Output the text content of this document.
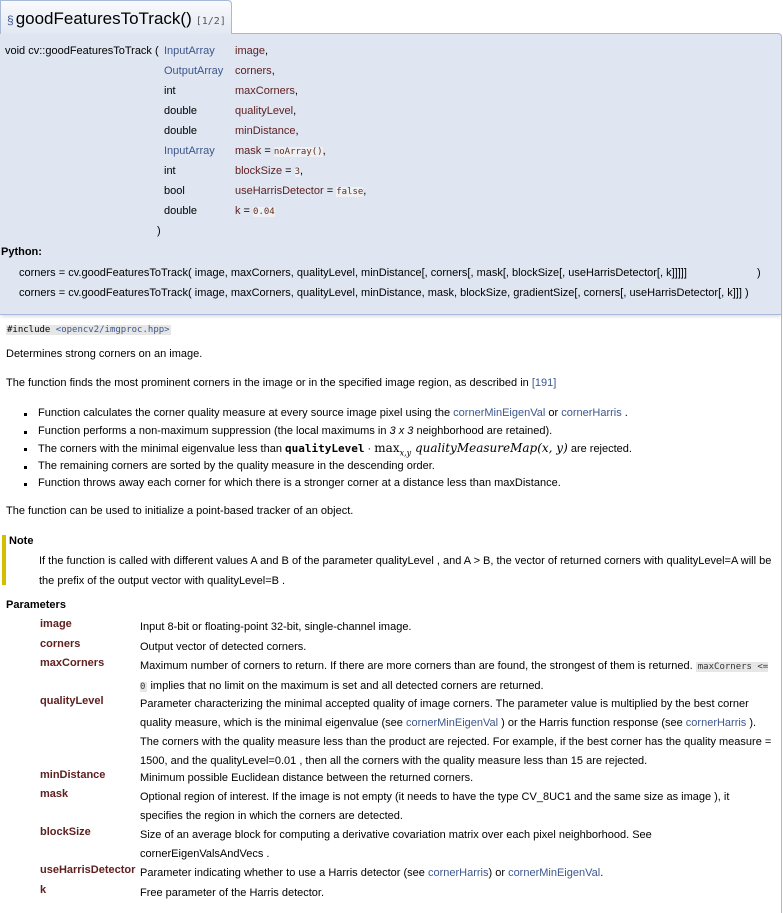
§ goodFeaturesToTrack() [1/2]
void cv::goodFeaturesToTrack ( InputArray image,
OutputArray corners,
int	maxCorners,
double	qualityLevel,
double	minDistance,
InputArray mask = noArray(),
int	blockSize = 3,
bool	useHarrisDetector = false,
double	k = 0.04
)
Python:
corners = cv.goodFeaturesToTrack( image, maxCorners, qualityLevel, minDistance[, corners[, mask[, blockSize[, useHarrisDetector[, k]]]]]	)
corners = cv.goodFeaturesToTrack( image, maxCorners, qualityLevel, minDistance, mask, blockSize, gradientSize[, corners[, useHarrisDetector[, k]]] )
#include <opencv2/imgproc.hpp>
Determines strong corners on an image.
The function finds the most prominent corners in the image or in the specified image region, as described in [191]
Function calculates the corner quality measure at every source image pixel using the cornerMinEigenVal or cornerHarris .
Function performs a non-maximum suppression (the local maximums in 3 x 3 neighborhood are retained).
The corners with the minimal eigenvalue less than qualityLevel · $\max_{x,y}$ qualityMeasureMap(x, y) are rejected.
The remaining corners are sorted by the quality measure in the descending order.
Function throws away each corner for which there is a stronger corner at a distance less than maxDistance.
The function can be used to initialize a point-based tracker of an object.
Note
If the function is called with different values A and B of the parameter qualityLevel , and A > B, the vector of returned corners with qualityLevel=A will be the prefix of the output vector with qualityLevel=B .
Parameters
image	Input 8-bit or floating-point 32-bit, single-channel image.
corners	Output vector of detected corners.
maxCorners	Maximum number of corners to return. If there are more corners than are found, the strongest of them is returned. maxCorners <= 0 implies that no limit on the maximum is set and all detected corners are returned.
qualityLevel	Parameter characterizing the minimal accepted quality of image corners. The parameter value is multiplied by the best corner quality measure, which is the minimal eigenvalue (see cornerMinEigenVal ) or the Harris function response (see cornerHarris ). The corners with the quality measure less than the product are rejected. For example, if the best corner has the quality measure = 1500, and the qualityLevel=0.01 , then all the corners with the quality measure less than 15 are rejected.
minDistance	Minimum possible Euclidean distance between the returned corners.
mask	Optional region of interest. If the image is not empty (it needs to have the type CV_8UC1 and the same size as image ), it specifies the region in which the corners are detected.
blockSize	Size of an average block for computing a derivative covariation matrix over each pixel neighborhood. See cornerEigenValsAndVecs .
useHarrisDetector Parameter indicating whether to use a Harris detector (see cornerHarris) or cornerMinEigenVal.
k	Free parameter of the Harris detector.
